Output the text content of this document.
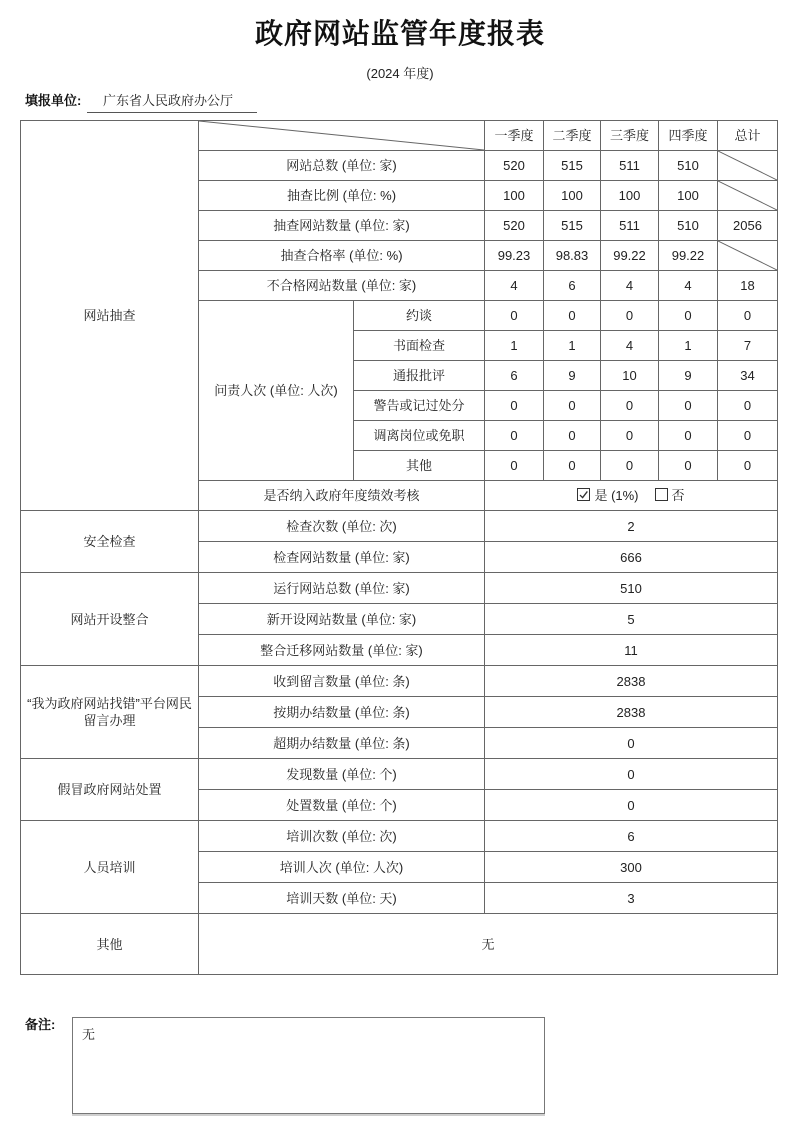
政府网站监管年度报表
(2024 年度)
填报单位: 广东省人民政府办公厅
网站抽查			一季度	二季度	三季度	四季度	总计
	网站总数 (单位: 家)		520	515	511	510	

	抽查比例 (单位: %)		100	100	100	100	

	抽查网站数量 (单位: 家)		520	515	511	510	2056
	抽查合格率 (单位: %)		99.23	98.83	99.22	99.22	

	不合格网站数量 (单位: 家)		4	6	4	4	18
	问责人次 (单位: 人次)	约谈	0	0	0	0	0
		书面检查	1	1	4	1	7
		通报批评	6	9	10	9	34
		警告或记过处分	0	0	0	0	0
		调离岗位或免职	0	0	0	0	0
		其他	0	0	0	0	0
	是否纳入政府年度绩效考核		是 (1%) 否				
安全检查	检查次数 (单位: 次)		2				
	检查网站数量 (单位: 家)		666				
网站开设整合	运行网站总数 (单位: 家)		510				
	新开设网站数量 (单位: 家)		5				
	整合迁移网站数量 (单位: 家)		11				
“我为政府网站找错”平台网民留言办理	收到留言数量 (单位: 条)		2838				
	按期办结数量 (单位: 条)		2838				
	超期办结数量 (单位: 条)		0				
假冒政府网站处置	发现数量 (单位: 个)		0				
	处置数量 (单位: 个)		0				
人员培训	培训次数 (单位: 次)		6				
	培训人次 (单位: 人次)		300				
	培训天数 (单位: 天)		3				
其他	无						
备注:
无
